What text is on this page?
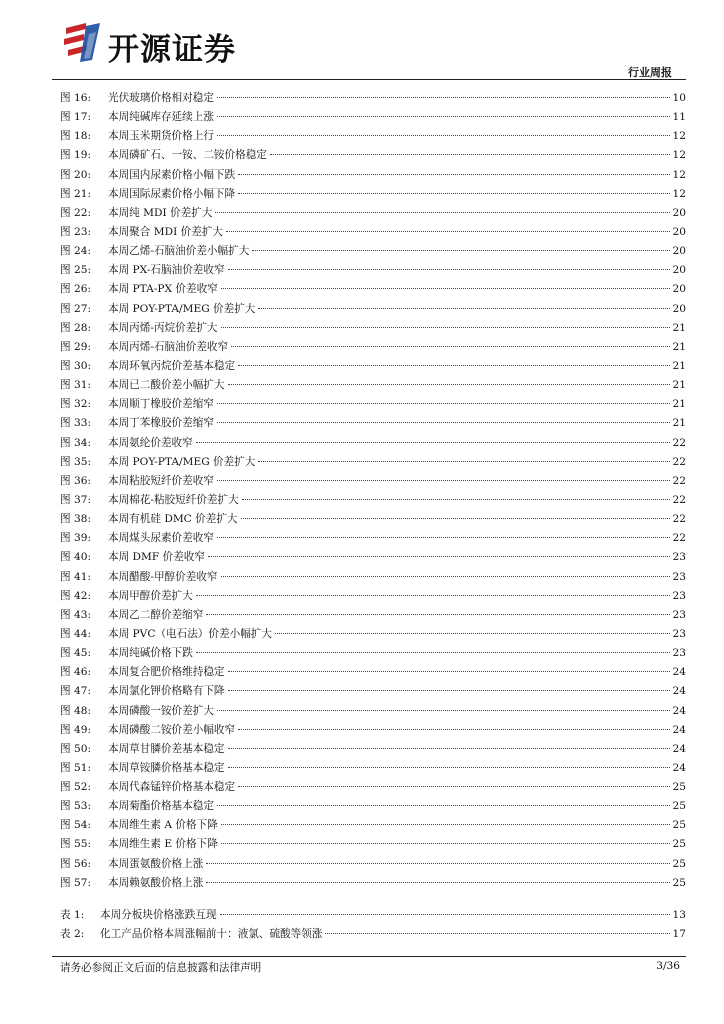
开源证券
行业周报
图 16:	光伏玻璃价格相对稳定	10
图 17:	本周纯碱库存延续上涨	11
图 18:	本周玉米期货价格上行	12
图 19:	本周磷矿石、一铵、二铵价格稳定	12
图 20:	本周国内尿素价格小幅下跌	12
图 21:	本周国际尿素价格小幅下降	12
图 22:	本周纯 MDI 价差扩大	20
图 23:	本周聚合 MDI 价差扩大	20
图 24:	本周乙烯-石脑油价差小幅扩大	20
图 25:	本周 PX-石脑油价差收窄	20
图 26:	本周 PTA-PX 价差收窄	20
图 27:	本周 POY-PTA/MEG 价差扩大	20
图 28:	本周丙烯-丙烷价差扩大	21
图 29:	本周丙烯-石脑油价差收窄	21
图 30:	本周环氧丙烷价差基本稳定	21
图 31:	本周已二酸价差小幅扩大	21
图 32:	本周顺丁橡胶价差缩窄	21
图 33:	本周丁苯橡胶价差缩窄	21
图 34:	本周氨纶价差收窄	22
图 35:	本周 POY-PTA/MEG 价差扩大	22
图 36:	本周粘胶短纤价差收窄	22
图 37:	本周棉花-粘胶短纤价差扩大	22
图 38:	本周有机硅 DMC 价差扩大	22
图 39:	本周煤头尿素价差收窄	22
图 40:	本周 DMF 价差收窄	23
图 41:	本周醋酸-甲醇价差收窄	23
图 42:	本周甲醇价差扩大	23
图 43:	本周乙二醇价差缩窄	23
图 44:	本周 PVC（电石法）价差小幅扩大	23
图 45:	本周纯碱价格下跌	23
图 46:	本周复合肥价格维持稳定	24
图 47:	本周氯化钾价格略有下降	24
图 48:	本周磷酸一铵价差扩大	24
图 49:	本周磷酸二铵价差小幅收窄	24
图 50:	本周草甘膦价差基本稳定	24
图 51:	本周草铵膦价格基本稳定	24
图 52:	本周代森锰锌价格基本稳定	25
图 53:	本周菊酯价格基本稳定	25
图 54:	本周维生素 A 价格下降	25
图 55:	本周维生素 E 价格下降	25
图 56:	本周蛋氨酸价格上涨	25
图 57:	本周赖氨酸价格上涨	25
表 1:	本周分板块价格涨跌互现	13
表 2:	化工产品价格本周涨幅前十：液氯、硫酸等领涨	17
请务必参阅正文后面的信息披露和法律声明	3/36
